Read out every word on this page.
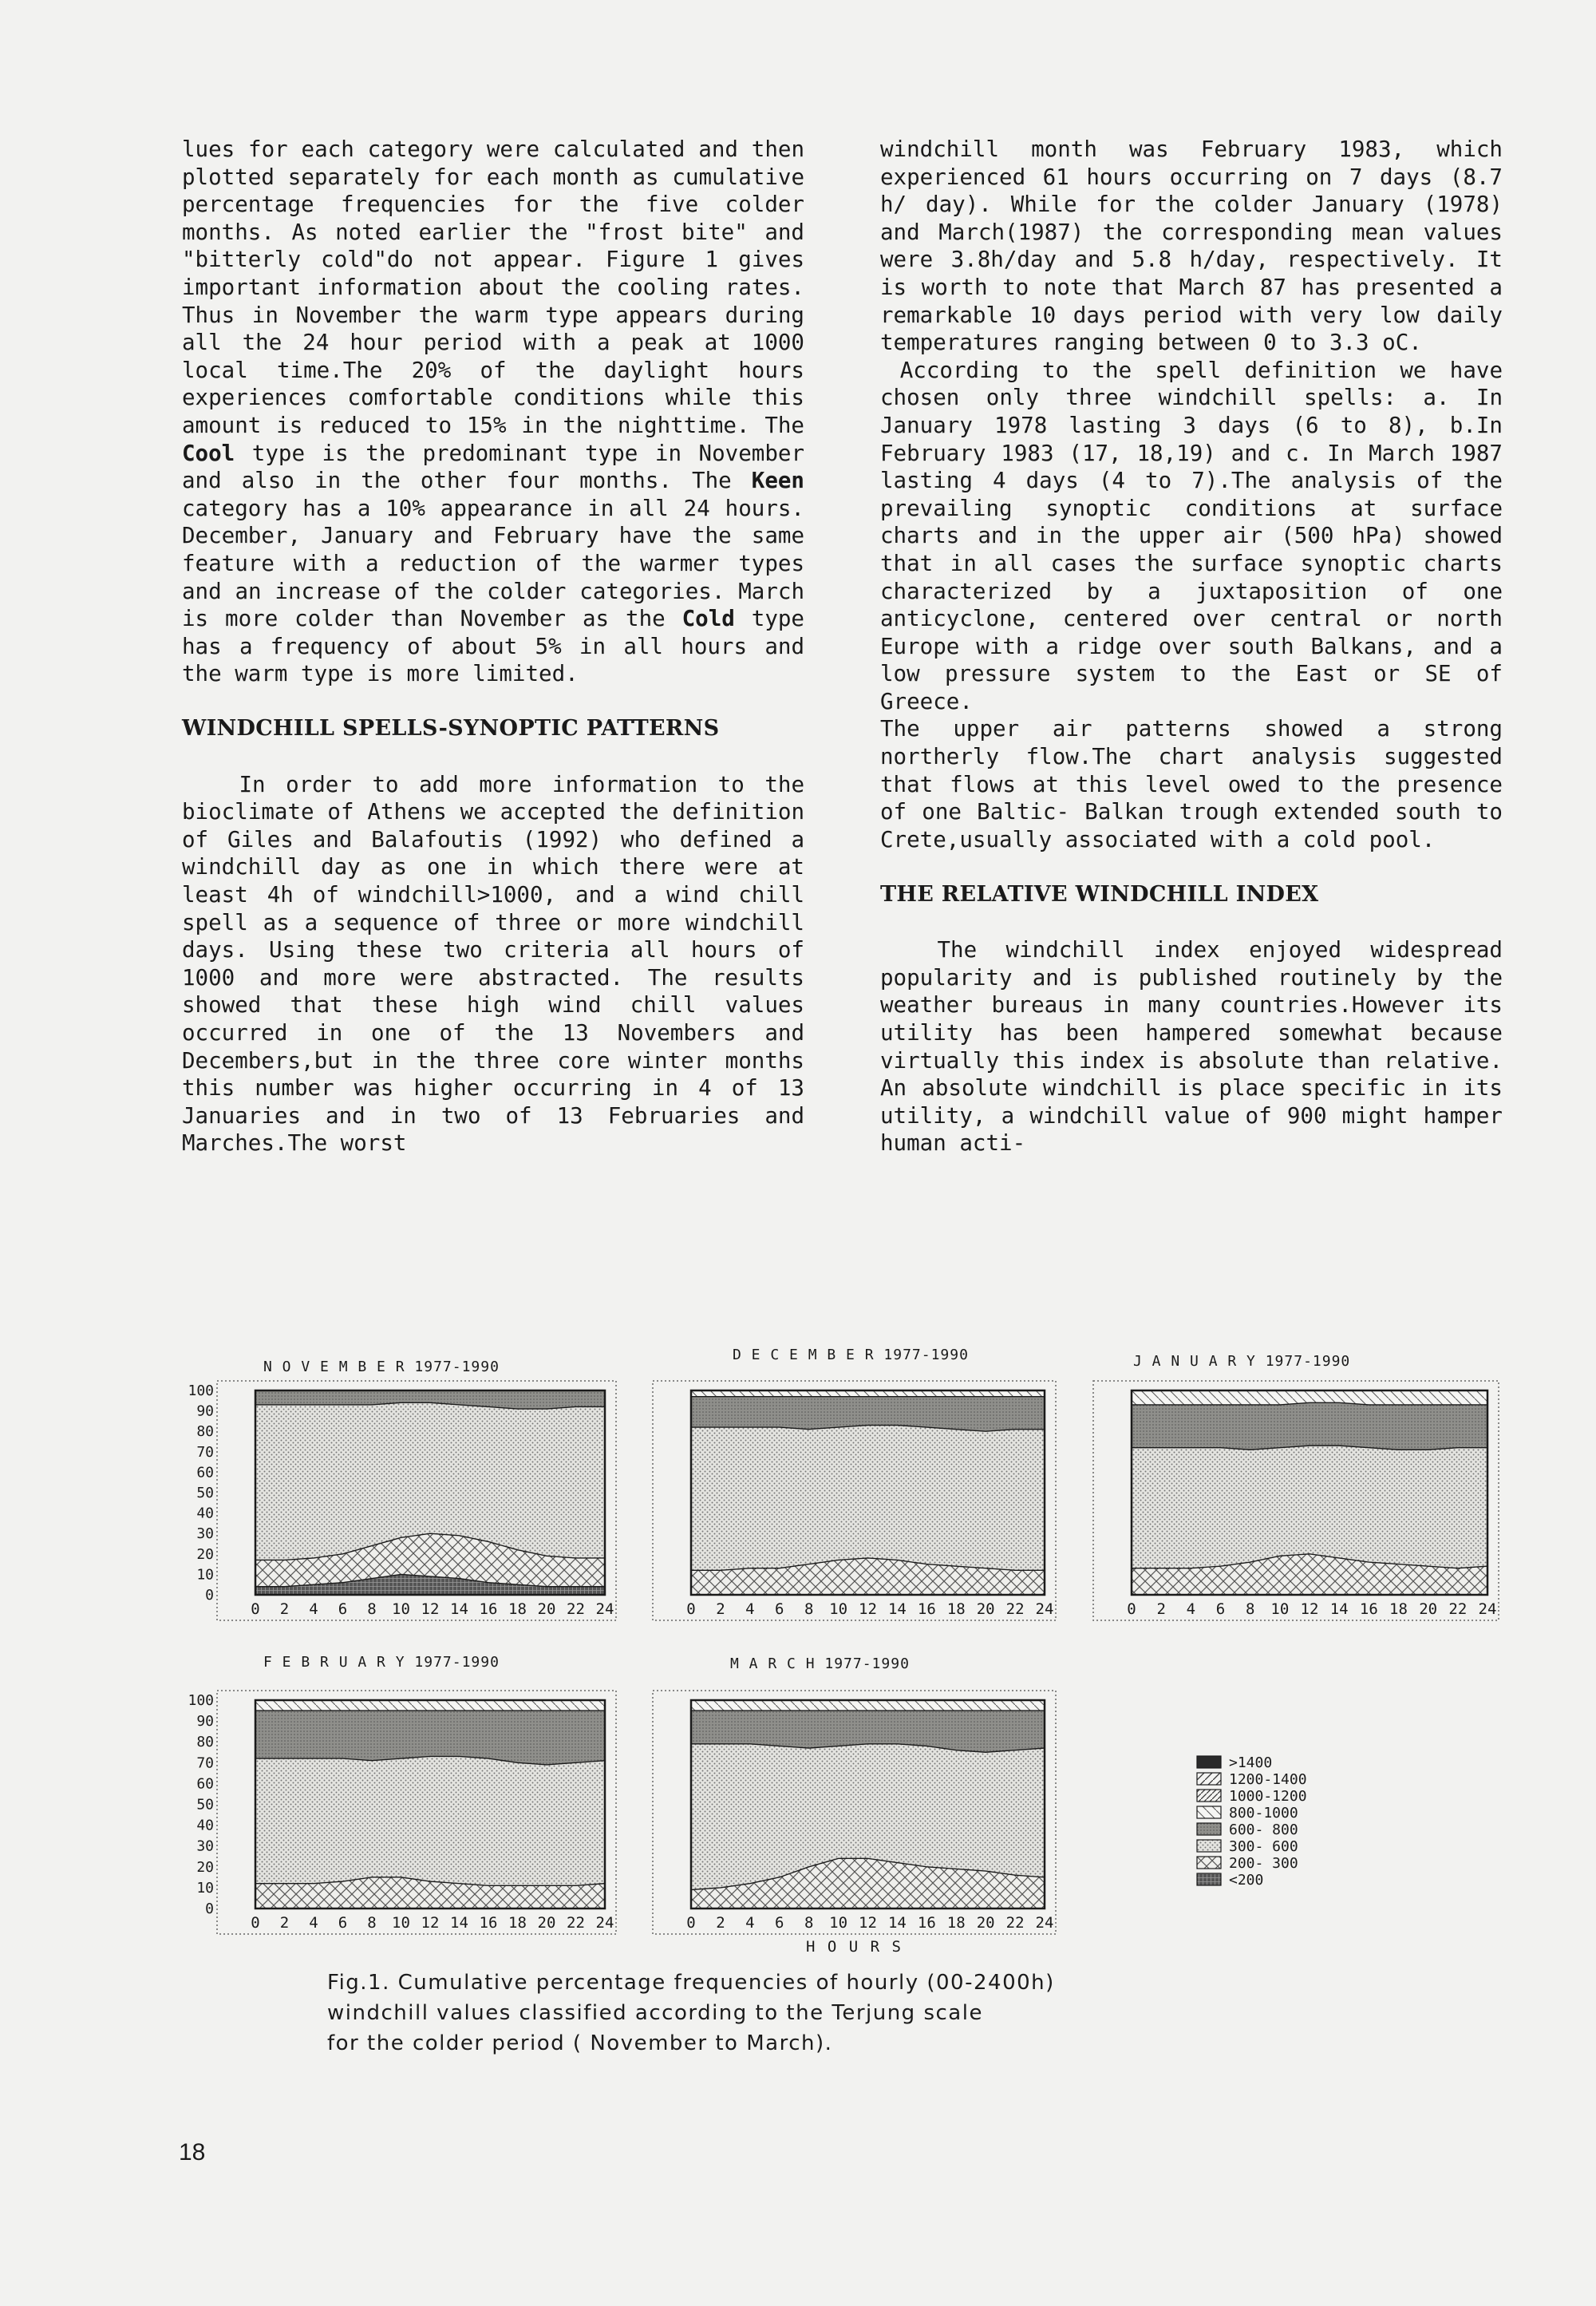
lues for each category were calculated and then plotted separately for each month as cumulative percentage frequencies for the five colder months. As noted earlier the "frost bite" and "bitterly cold"do not appear. Figure 1 gives important information about the cooling rates. Thus in November the warm type appears during all the 24 hour period with a peak at 1000 local time.The 20% of the daylight hours experiences comfortable conditions while this amount is reduced to 15% in the nighttime. The Cool type is the predominant type in November and also in the other four months. The Keen category has a 10% appearance in all 24 hours. December, January and February have the same feature with a reduction of the warmer types and an increase of the colder categories. March is more colder than November as the Cold type has a frequency of about 5% in all hours and the warm type is more limited.

WINDCHILL SPELLS-SYNOPTIC PATTERNS

In order to add more information to the bioclimate of Athens we accepted the definition of Giles and Balafoutis (1992) who defined a windchill day as one in which there were at least 4h of windchill>1000, and a wind chill spell as a sequence of three or more windchill days. Using these two criteria all hours of 1000 and more were abstracted. The results showed that these high wind chill values occurred in one of the 13 Novembers and Decembers,but in the three core winter months this number was higher occurring in 4 of 13 Januaries and in two of 13 Februaries and Marches.The worst

windchill month was February 1983, which experienced 61 hours occurring on 7 days (8.7 h/ day). While for the colder January (1978) and March(1987) the corresponding mean values were 3.8h/day and 5.8 h/day, respectively. It is worth to note that March 87 has presented a remarkable 10 days period with very low daily temperatures ranging between 0 to 3.3 oC.

According to the spell definition we have chosen only three windchill spells: a. In January 1978 lasting 3 days (6 to 8), b.In February 1983 (17, 18,19) and c. In March 1987 lasting 4 days (4 to 7).The analysis of the prevailing synoptic conditions at surface charts and in the upper air (500 hPa) showed that in all cases the surface synoptic charts characterized by a juxtaposition of one anticyclone, centered over central or north Europe with a ridge over south Balkans, and a low pressure system to the East or SE of Greece.

The upper air patterns showed a strong northerly flow.The chart analysis suggested that flows at this level owed to the presence of one Baltic- Balkan trough extended south to Crete,usually associated with a cold pool.

THE RELATIVE WINDCHILL INDEX

The windchill index enjoyed widespread popularity and is published routinely by the weather bureaus in many countries.However its utility has been hampered somewhat because virtually this index is absolute than relative. An absolute windchill is place specific in its utility, a windchill value of 900 might hamper human acti-

N O V E M B E R 1977-1990
0 2 4 6 8 10 12 14 16 18 20 22 24
100
90
80
70
60
50
40
30
20
10
0
D E C E M B E R 1977-1990
0 2 4 6 8 10 12 14 16 18 20 22 24
J A N U A R Y 1977-1990
0 2 4 6 8 10 12 14 16 18 20 22 24
F E B R U A R Y 1977-1990
0 2 4 6 8 10 12 14 16 18 20 22 24
100
90
80
70
60
50
40
30
20
10
0
M A R C H 1977-1990
0 2 4 6 8 10 12 14 16 18 20 22 24
H O U R S
>1400
1200-1400
1000-1200
800-1000
600- 800
300- 600
200- 300
<200
Fig.1. Cumulative percentage frequencies of hourly (00-2400h)
windchill values classified according to the Terjung scale
for the colder period ( November to March).
18
